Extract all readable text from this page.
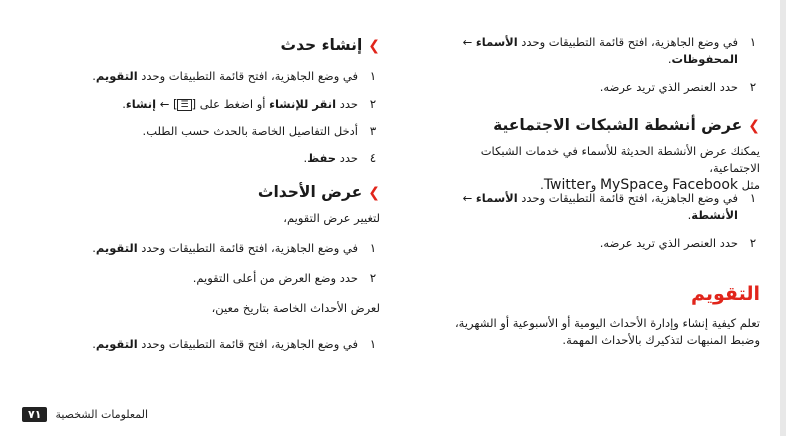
١
في وضع الجاهزية، افتح قائمة التطبيقات وحدد الأسماء ← المحفوظات.
٢
حدد العنصر الذي تريد عرضه.
❯عرض أنشطة الشبكات الاجتماعية
يمكنك عرض الأنشطة الحديثة للأسماء في خدمات الشبكات الاجتماعية،
مثل Facebook وMySpace وTwitter.
١
في وضع الجاهزية، افتح قائمة التطبيقات وحدد الأسماء ← الأنشطة.
٢
حدد العنصر الذي تريد عرضه.
التقويم
تعلم كيفية إنشاء وإدارة الأحداث اليومية أو الأسبوعية أو الشهرية،
وضبط المنبهات لتذكيرك بالأحداث المهمة.
❯إنشاء حدث
١
في وضع الجاهزية، افتح قائمة التطبيقات وحدد التقويم.
٢
حدد انقر للإنشاء أو اضغط على [☰] ← إنشاء.
٣
أدخل التفاصيل الخاصة بالحدث حسب الطلب.
٤
حدد حفظ.
❯عرض الأحداث
لتغيير عرض التقويم،
١
في وضع الجاهزية، افتح قائمة التطبيقات وحدد التقويم.
٢
حدد وضع العرض من أعلى التقويم.
لعرض الأحداث الخاصة بتاريخ معين،
١
في وضع الجاهزية، افتح قائمة التطبيقات وحدد التقويم.
المعلومات الشخصية
٧١
